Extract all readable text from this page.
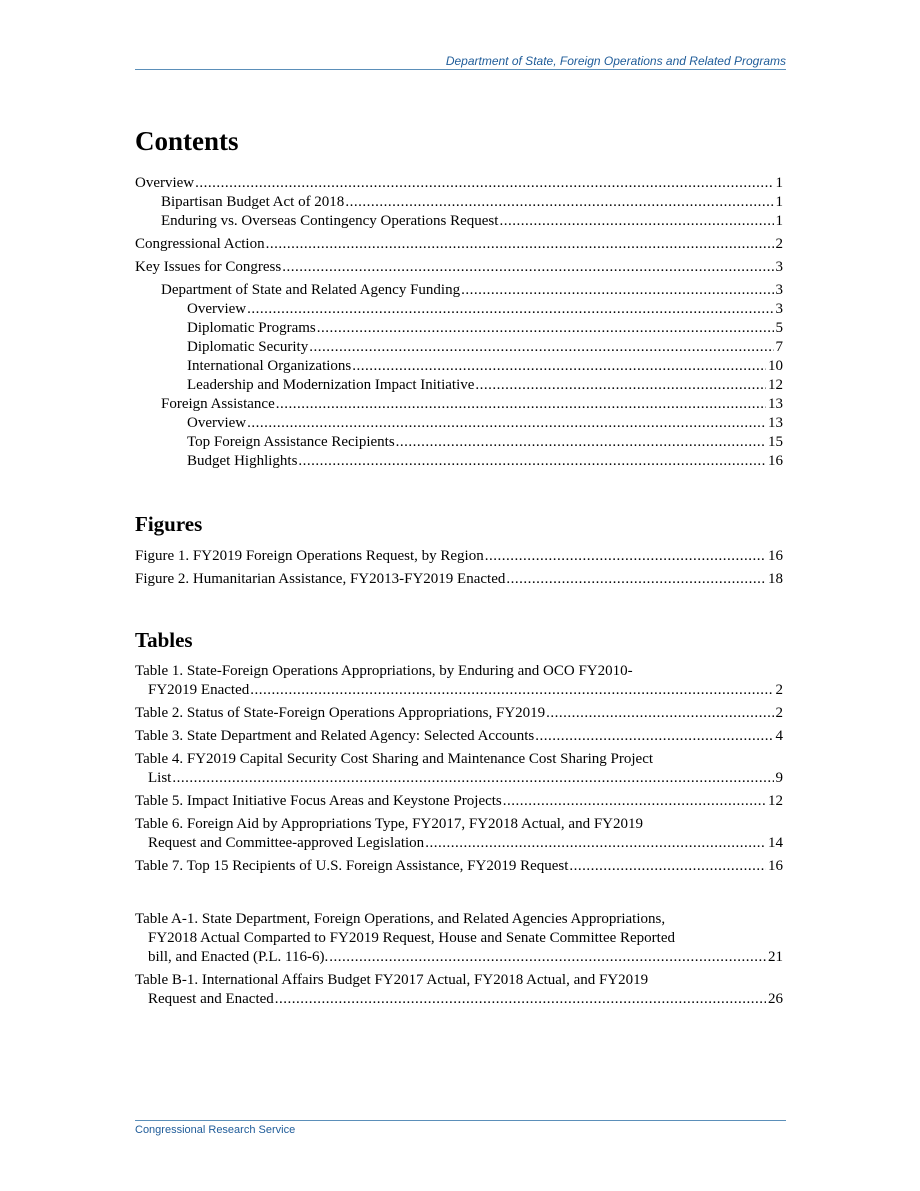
Department of State, Foreign Operations and Related Programs
Contents
Overview .....	1
Bipartisan Budget Act of 2018 .....	1
Enduring vs. Overseas Contingency Operations Request .....	1
Congressional Action .....	2
Key Issues for Congress .....	3
Department of State and Related Agency Funding .....	3
Overview .....	3
Diplomatic Programs .....	5
Diplomatic Security .....	7
International Organizations .....	10
Leadership and Modernization Impact Initiative .....	12
Foreign Assistance .....	13
Overview .....	13
Top Foreign Assistance Recipients .....	15
Budget Highlights .....	16
Figures
Figure 1. FY2019 Foreign Operations Request, by Region .....	16
Figure 2. Humanitarian Assistance, FY2013-FY2019 Enacted .....	18
Tables
Table 1. State-Foreign Operations Appropriations, by Enduring and OCO FY2010-
FY2019 Enacted .....	2
Table 2. Status of State-Foreign Operations Appropriations, FY2019 .....	2
Table 3. State Department and Related Agency: Selected Accounts .....	4
Table 4. FY2019 Capital Security Cost Sharing and Maintenance Cost Sharing Project
List .....	9
Table 5. Impact Initiative Focus Areas and Keystone Projects .....	12
Table 6. Foreign Aid by Appropriations Type, FY2017, FY2018 Actual, and FY2019
Request and Committee-approved Legislation .....	14
Table 7. Top 15 Recipients of U.S. Foreign Assistance, FY2019 Request .....	16
Table A-1. State Department, Foreign Operations, and Related Agencies Appropriations,
FY2018 Actual Comparted to FY2019 Request, House and Senate Committee Reported
bill, and Enacted (P.L. 116-6). .....	21
Table B-1. International Affairs Budget FY2017 Actual, FY2018 Actual, and FY2019
Request and Enacted .....	26
Congressional Research Service
